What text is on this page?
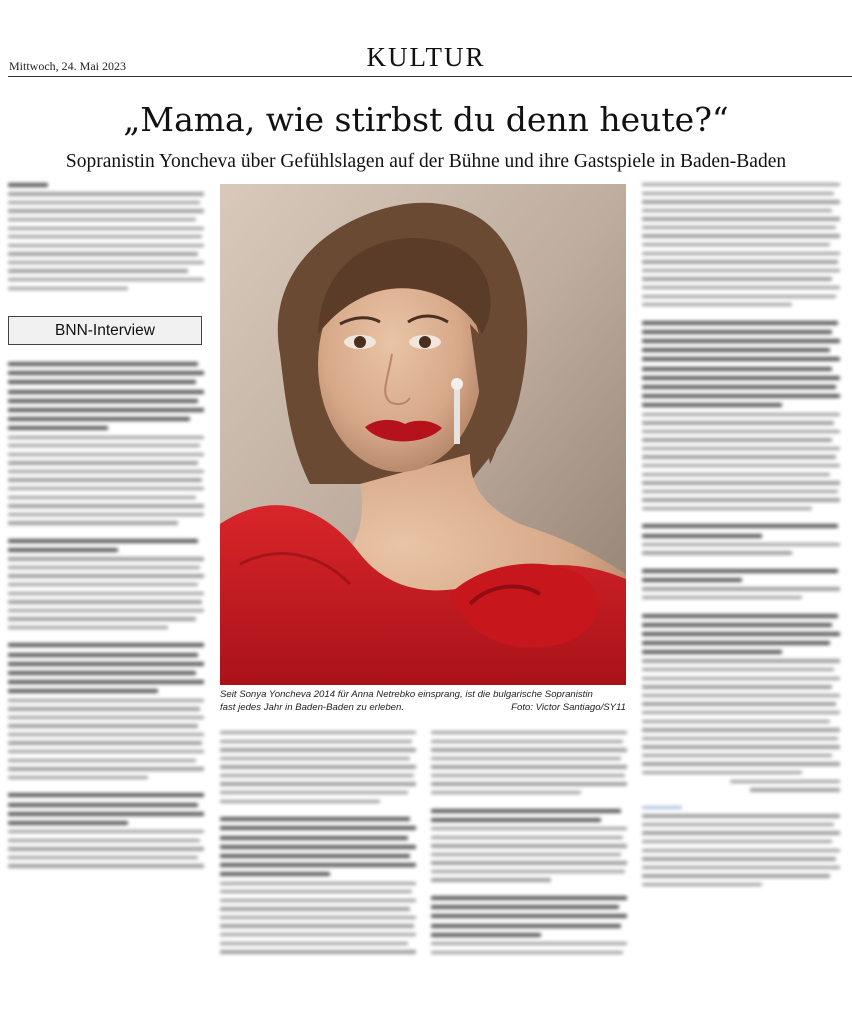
Mittwoch, 24. Mai 2023	KULTUR
„Mama, wie stirbst du denn heute?“
Sopranistin Yoncheva über Gefühlslagen auf der Bühne und ihre Gastspiele in Baden-Baden
BNN-Interview
Seit Sonya Yoncheva 2014 für Anna Netrebko einsprang, ist die bulgarische Sopranistin
fast jedes Jahr in Baden-Baden zu erleben.	Foto: Victor Santiago/SY11
